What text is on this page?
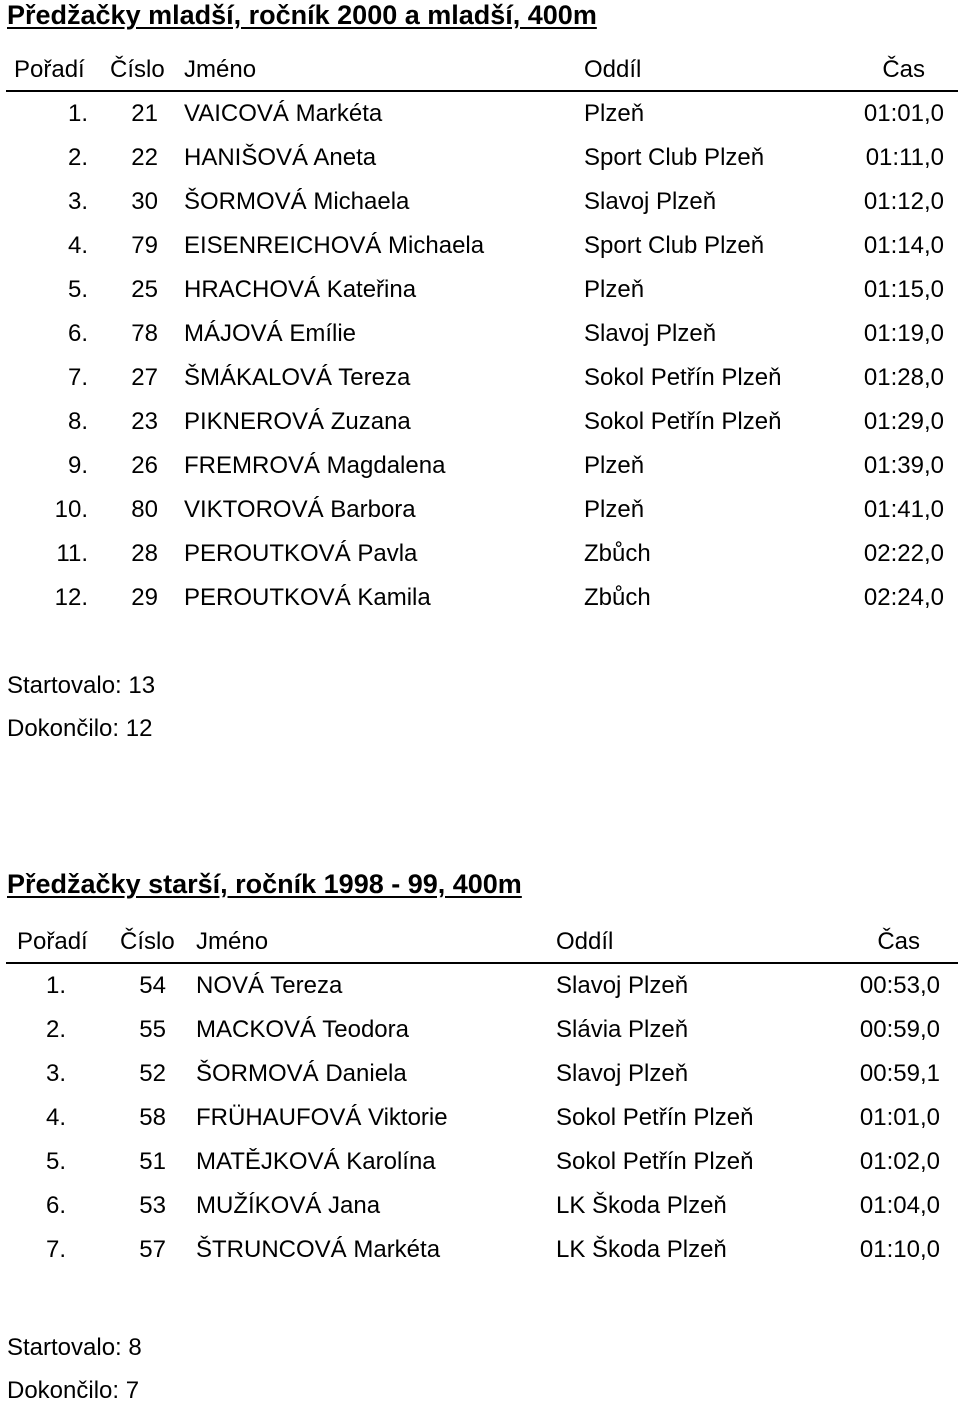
Předžačky mladší, ročník 2000 a mladší, 400m
Pořadí Číslo Jméno	Oddíl	Čas
1.	21 VAICOVÁ Markéta	Plzeň	01:01,0
2.	22 HANIŠOVÁ Aneta	Sport Club Plzeň	01:11,0
3.	30 ŠORMOVÁ Michaela	Slavoj Plzeň	01:12,0
4.	79 EISENREICHOVÁ Michaela	Sport Club Plzeň	01:14,0
5.	25 HRACHOVÁ Kateřina	Plzeň	01:15,0
6.	78 MÁJOVÁ Emílie	Slavoj Plzeň	01:19,0
7.	27 ŠMÁKALOVÁ Tereza	Sokol Petřín Plzeň	01:28,0
8.	23 PIKNEROVÁ Zuzana	Sokol Petřín Plzeň	01:29,0
9.	26 FREMROVÁ Magdalena	Plzeň	01:39,0
10.	80 VIKTOROVÁ Barbora	Plzeň	01:41,0
11.	28 PEROUTKOVÁ Pavla	Zbůch	02:22,0
12.	29 PEROUTKOVÁ Kamila	Zbůch	02:24,0
Startovalo: 13
Dokončilo: 12
Předžačky starší, ročník 1998 - 99, 400m
Pořadí Číslo Jméno	Oddíl	Čas
1.	54 NOVÁ Tereza	Slavoj Plzeň	00:53,0
2.	55 MACKOVÁ Teodora	Slávia Plzeň	00:59,0
3.	52 ŠORMOVÁ Daniela	Slavoj Plzeň	00:59,1
4.	58 FRÜHAUFOVÁ Viktorie	Sokol Petřín Plzeň	01:01,0
5.	51 MATĚJKOVÁ Karolína	Sokol Petřín Plzeň	01:02,0
6.	53 MUŽÍKOVÁ Jana	LK Škoda Plzeň	01:04,0
7.	57 ŠTRUNCOVÁ Markéta	LK Škoda Plzeň	01:10,0
Startovalo: 8
Dokončilo: 7
